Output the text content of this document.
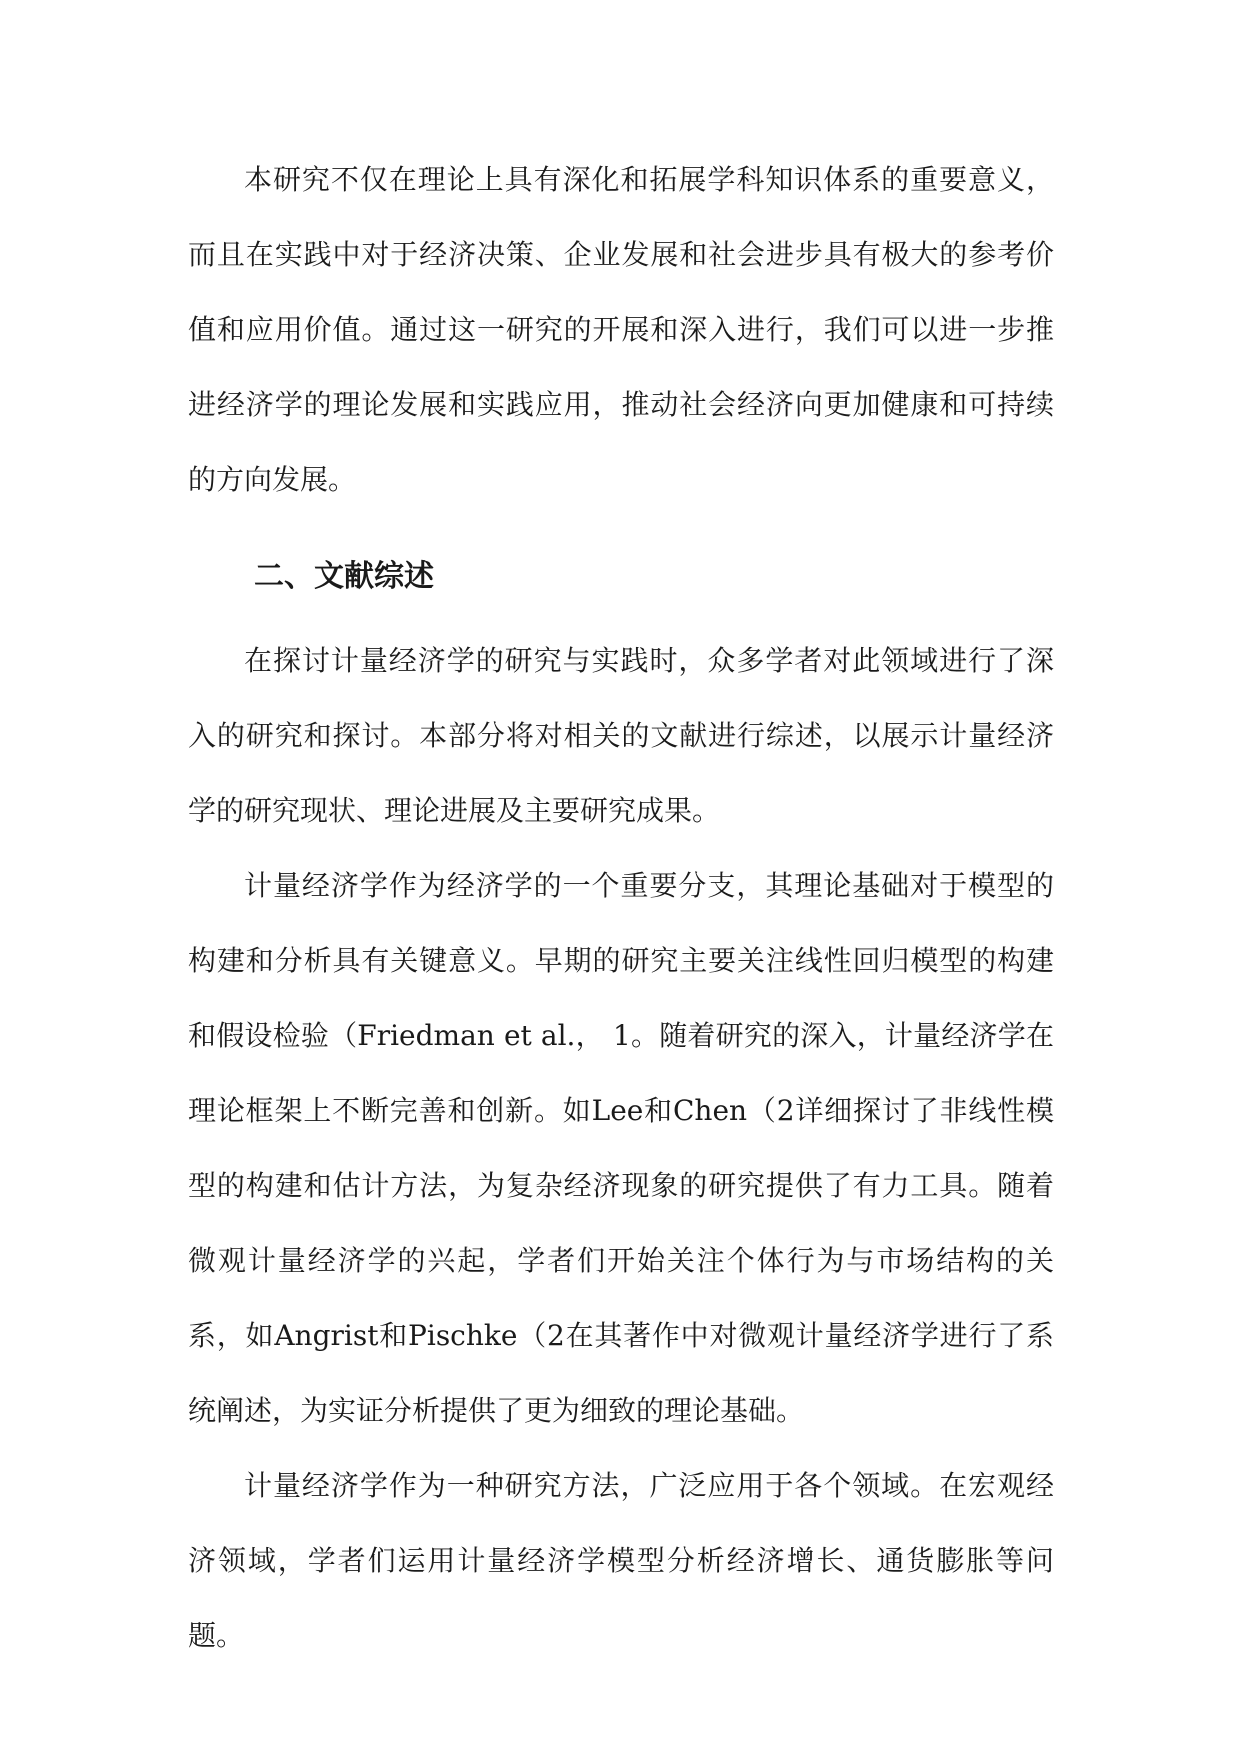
本研究不仅在理论上具有深化和拓展学科知识体系的重要意义，而且在实践中对于经济决策、企业发展和社会进步具有极大的参考价值和应用价值。通过这一研究的开展和深入进行，我们可以进一步推进经济学的理论发展和实践应用，推动社会经济向更加健康和可持续的方向发展。

二、文献综述

在探讨计量经济学的研究与实践时，众多学者对此领域进行了深入的研究和探讨。本部分将对相关的文献进行综述，以展示计量经济学的研究现状、理论进展及主要研究成果。

计量经济学作为经济学的一个重要分支，其理论基础对于模型的构建和分析具有关键意义。早期的研究主要关注线性回归模型的构建和假设检验（Friedman et al.， 1。随着研究的深入，计量经济学在理论框架上不断完善和创新。如Lee和Chen（2详细探讨了非线性模型的构建和估计方法，为复杂经济现象的研究提供了有力工具。随着微观计量经济学的兴起，学者们开始关注个体行为与市场结构的关系，如Angrist和Pischke（2在其著作中对微观计量经济学进行了系统阐述，为实证分析提供了更为细致的理论基础。

计量经济学作为一种研究方法，广泛应用于各个领域。在宏观经济领域，学者们运用计量经济学模型分析经济增长、通货膨胀等问题。
